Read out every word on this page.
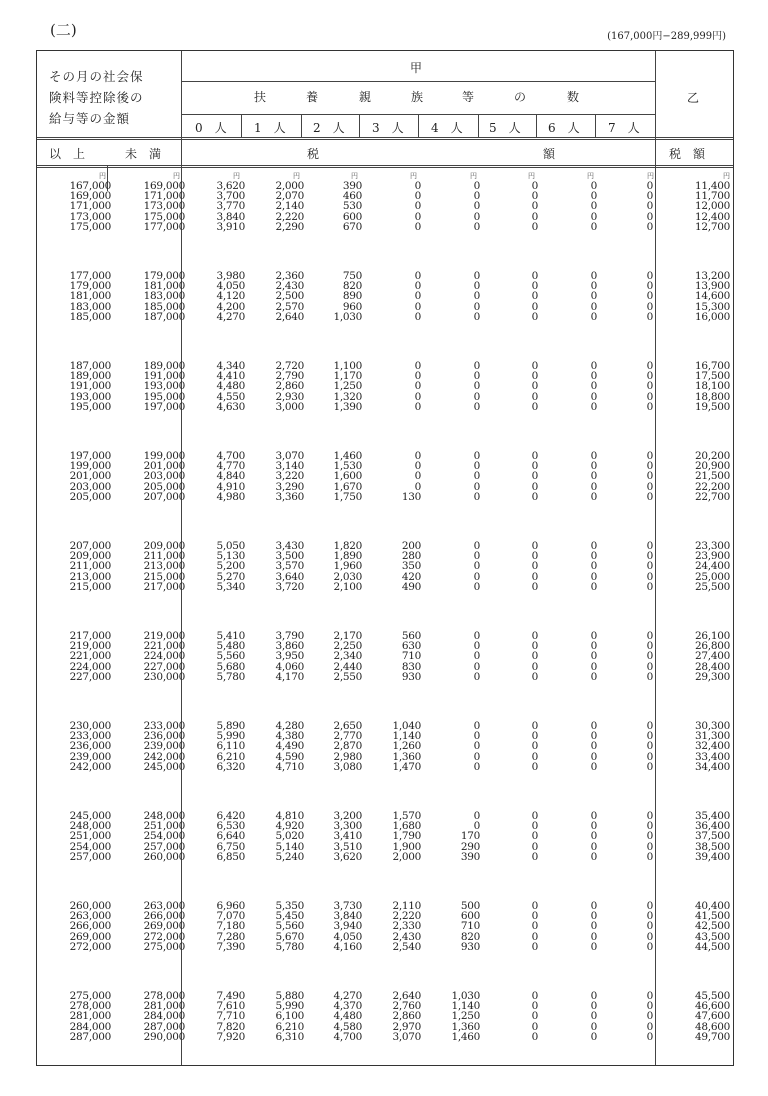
(二)	(167,000円−289,999円)
その月の社会保
険料等控除後の
給与等の金額
甲
乙
扶	養	親	族	等	の	数
0　人 1　人 2　人 3　人 4　人 5　人 6　人 7　人
以　上	未　満	税	額	税　額
円	円	円	円	円	円	円	円	円	円	円
167,000	169,000	3,620	2,000	390	0	0	0	0	0	11,400
169,000	171,000	3,700	2,070	460	0	0	0	0	0	11,700
171,000	173,000	3,770	2,140	530	0	0	0	0	0	12,000
173,000	175,000	3,840	2,220	600	0	0	0	0	0	12,400
175,000	177,000	3,910	2,290	670	0	0	0	0	0	12,700
177,000	179,000	3,980	2,360	750	0	0	0	0	0	13,200
179,000	181,000	4,050	2,430	820	0	0	0	0	0	13,900
181,000	183,000	4,120	2,500	890	0	0	0	0	0	14,600
183,000	185,000	4,200	2,570	960	0	0	0	0	0	15,300
185,000	187,000	4,270	2,640	1,030	0	0	0	0	0	16,000
187,000	189,000	4,340	2,720	1,100	0	0	0	0	0	16,700
189,000	191,000	4,410	2,790	1,170	0	0	0	0	0	17,500
191,000	193,000	4,480	2,860	1,250	0	0	0	0	0	18,100
193,000	195,000	4,550	2,930	1,320	0	0	0	0	0	18,800
195,000	197,000	4,630	3,000	1,390	0	0	0	0	0	19,500
197,000	199,000	4,700	3,070	1,460	0	0	0	0	0	20,200
199,000	201,000	4,770	3,140	1,530	0	0	0	0	0	20,900
201,000	203,000	4,840	3,220	1,600	0	0	0	0	0	21,500
203,000	205,000	4,910	3,290	1,670	0	0	0	0	0	22,200
205,000	207,000	4,980	3,360	1,750	130	0	0	0	0	22,700
207,000	209,000	5,050	3,430	1,820	200	0	0	0	0	23,300
209,000	211,000	5,130	3,500	1,890	280	0	0	0	0	23,900
211,000	213,000	5,200	3,570	1,960	350	0	0	0	0	24,400
213,000	215,000	5,270	3,640	2,030	420	0	0	0	0	25,000
215,000	217,000	5,340	3,720	2,100	490	0	0	0	0	25,500
217,000	219,000	5,410	3,790	2,170	560	0	0	0	0	26,100
219,000	221,000	5,480	3,860	2,250	630	0	0	0	0	26,800
221,000	224,000	5,560	3,950	2,340	710	0	0	0	0	27,400
224,000	227,000	5,680	4,060	2,440	830	0	0	0	0	28,400
227,000	230,000	5,780	4,170	2,550	930	0	0	0	0	29,300
230,000	233,000	5,890	4,280	2,650	1,040	0	0	0	0	30,300
233,000	236,000	5,990	4,380	2,770	1,140	0	0	0	0	31,300
236,000	239,000	6,110	4,490	2,870	1,260	0	0	0	0	32,400
239,000	242,000	6,210	4,590	2,980	1,360	0	0	0	0	33,400
242,000	245,000	6,320	4,710	3,080	1,470	0	0	0	0	34,400
245,000	248,000	6,420	4,810	3,200	1,570	0	0	0	0	35,400
248,000	251,000	6,530	4,920	3,300	1,680	0	0	0	0	36,400
251,000	254,000	6,640	5,020	3,410	1,790	170	0	0	0	37,500
254,000	257,000	6,750	5,140	3,510	1,900	290	0	0	0	38,500
257,000	260,000	6,850	5,240	3,620	2,000	390	0	0	0	39,400
260,000	263,000	6,960	5,350	3,730	2,110	500	0	0	0	40,400
263,000	266,000	7,070	5,450	3,840	2,220	600	0	0	0	41,500
266,000	269,000	7,180	5,560	3,940	2,330	710	0	0	0	42,500
269,000	272,000	7,280	5,670	4,050	2,430	820	0	0	0	43,500
272,000	275,000	7,390	5,780	4,160	2,540	930	0	0	0	44,500
275,000	278,000	7,490	5,880	4,270	2,640	1,030	0	0	0	45,500
278,000	281,000	7,610	5,990	4,370	2,760	1,140	0	0	0	46,600
281,000	284,000	7,710	6,100	4,480	2,860	1,250	0	0	0	47,600
284,000	287,000	7,820	6,210	4,580	2,970	1,360	0	0	0	48,600
287,000	290,000	7,920	6,310	4,700	3,070	1,460	0	0	0	49,700
